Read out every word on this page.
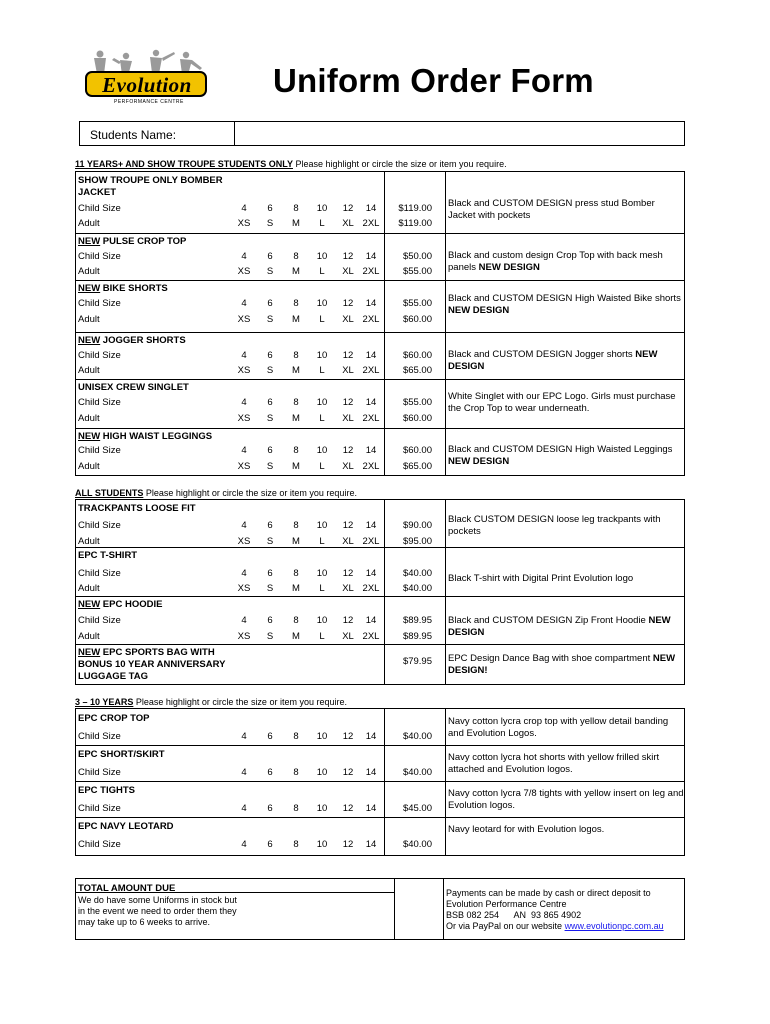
Evolution
PERFORMANCE CENTRE
Uniform Order Form
Students Name:
11 YEARS+ AND SHOW TROUPE STUDENTS ONLY Please highlight or circle the size or item you require.
ALL STUDENTS Please highlight or circle the size or item you require.
3 – 10 YEARS Please highlight or circle the size or item you require.
SHOW TROUPE ONLY BOMBER JACKET
Child Size	4	6	8	10	12	14	$119.00
Adult	XS	S	M	L	XL 2XL	$119.00
Black and CUSTOM DESIGN press stud Bomber Jacket with pockets
NEW PULSE CROP TOP
Child Size	4	6	8	10	12	14	$50.00
Adult	XS	S	M	L	XL 2XL	$55.00
Black and custom design Crop Top with back mesh panels NEW DESIGN
NEW BIKE SHORTS
Child Size	4	6	8	10	12	14	$55.00
Adult	XS	S	M	L	XL 2XL	$60.00
Black and CUSTOM DESIGN High Waisted Bike shorts NEW DESIGN
NEW JOGGER SHORTS
Child Size	4	6	8	10	12	14	$60.00
Adult	XS	S	M	L	XL 2XL	$65.00
Black and CUSTOM DESIGN Jogger shorts NEW DESIGN
UNISEX CREW SINGLET
Child Size	4	6	8	10	12	14	$55.00
Adult	XS	S	M	L	XL 2XL	$60.00
White Singlet with our EPC Logo. Girls must purchase the Crop Top to wear underneath.
NEW HIGH WAIST LEGGINGS
Child Size	4	6	8	10	12	14	$60.00
Adult	XS	S	M	L	XL 2XL	$65.00
Black and CUSTOM DESIGN High Waisted Leggings NEW DESIGN
TRACKPANTS LOOSE FIT
Child Size	4	6	8	10	12	14	$90.00
Adult	XS	S	M	L	XL 2XL	$95.00
Black CUSTOM DESIGN loose leg trackpants with pockets
EPC T-SHIRT
Child Size	4	6	8	10	12	14	$40.00
Adult	XS	S	M	L	XL 2XL	$40.00
Black T-shirt with Digital Print Evolution logo
NEW EPC HOODIE
Child Size	4	6	8	10	12	14	$89.95
Adult	XS	S	M	L	XL 2XL	$89.95
Black and CUSTOM DESIGN Zip Front Hoodie NEW DESIGN
NEW EPC SPORTS BAG WITH BONUS 10 YEAR ANNIVERSARY LUGGAGE TAG
$79.95 EPC Design Dance Bag with shoe compartment NEW DESIGN!
EPC CROP TOP
Child Size	4	6	8	10	12	14	$40.00
Navy cotton lycra crop top with yellow detail banding and Evolution Logos.
EPC SHORT/SKIRT
Child Size	4	6	8	10	12	14	$40.00
Navy cotton lycra hot shorts with yellow frilled skirt attached and Evolution logos.
EPC TIGHTS
Child Size	4	6	8	10	12	14	$45.00
Navy cotton lycra 7/8 tights with yellow insert on leg and Evolution logos.
EPC NAVY LEOTARD
Child Size	4	6	8	10	12	14	$40.00
Navy leotard for with Evolution logos.
TOTAL AMOUNT DUE
We do have some Uniforms in stock but in the event we need to order them they may take up to 6 weeks to arrive.
Payments can be made by cash or direct deposit to
Evolution Performance Centre
BSB 082 254      AN  93 865 4902
Or via PayPal on our website www.evolutionpc.com.au
